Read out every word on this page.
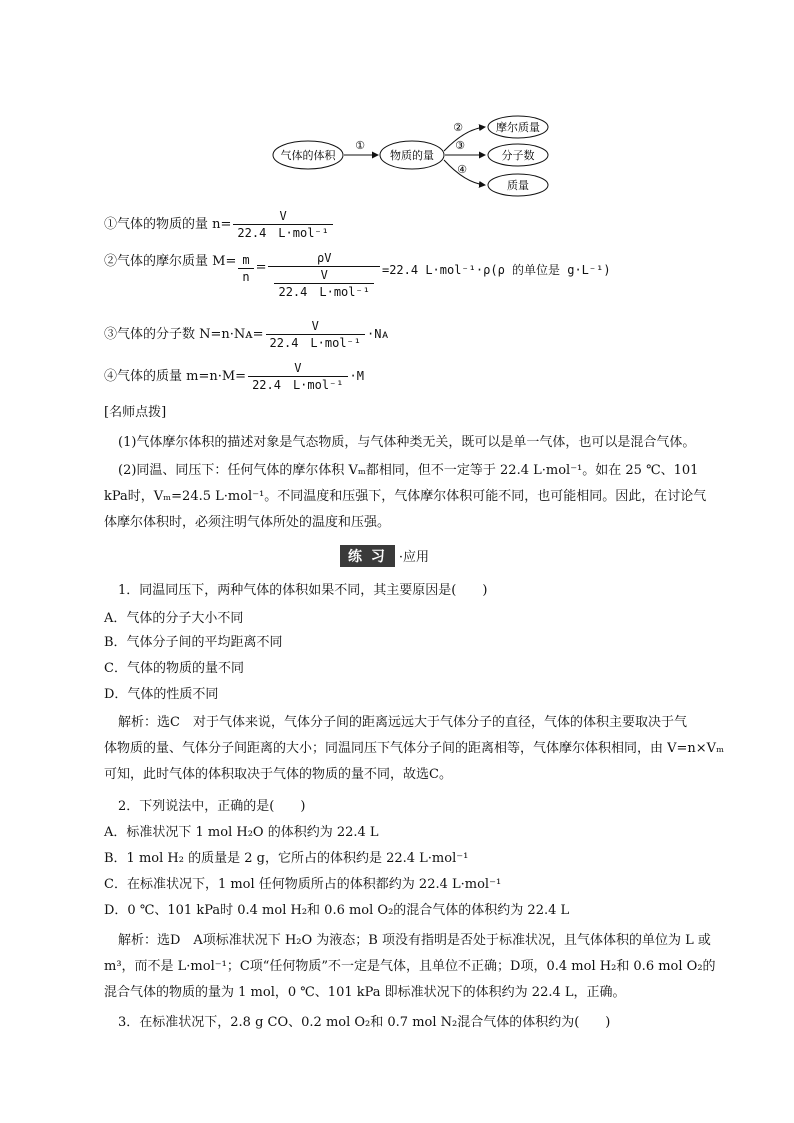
气体的体积
①
物质的量
②
③
④
摩尔质量
分子数
质量
①气体的物质的量 $n= \frac{V}{\text{22.4　L·mol⁻¹}}$
②气体的摩尔质量 $M= \frac{m}{n} = \frac{\rho V}{\frac{V}{\text{22.4　L·mol⁻¹}}} =22.4$ L·mol⁻¹·ρ(ρ 的单位是 g·L⁻¹)
③气体的分子数 N=n·Nᴀ= $\frac{V}{\text{22.4　L·mol⁻¹}}$ ·Nᴀ
④气体的质量 $m=n\cdot M= \frac{V}{\text{22.4　L·mol⁻¹}} \cdot M$
[名师点拨]
(1)气体摩尔体积的描述对象是气态物质，与气体种类无关，既可以是单一气体，也可以是混合气体。
(2)同温、同压下：任何气体的摩尔体积 Vₘ都相同，但不一定等于 22.4 L·mol⁻¹。如在 25 ℃、101
kPa时，Vₘ=24.5 L·mol⁻¹。不同温度和压强下，气体摩尔体积可能不同，也可能相同。因此，在讨论气
体摩尔体积时，必须注明气体所处的温度和压强。
练 习 ·应用
1．同温同压下，两种气体的体积如果不同，其主要原因是(　　)
A．气体的分子大小不同
B．气体分子间的平均距离不同
C．气体的物质的量不同
D．气体的性质不同
解析：选C　对于气体来说，气体分子间的距离远远大于气体分子的直径，气体的体积主要取决于气
体物质的量、气体分子间距离的大小；同温同压下气体分子间的距离相等，气体摩尔体积相同，由 V=n×Vₘ
可知，此时气体的体积取决于气体的物质的量不同，故选C。
2．下列说法中，正确的是(　　)
A．标准状况下 1 mol H₂O 的体积约为 22.4 L
B．1 mol H₂ 的质量是 2 g，它所占的体积约是 22.4 L·mol⁻¹
C．在标准状况下，1 mol 任何物质所占的体积都约为 22.4 L·mol⁻¹
D．0 ℃、101 kPa时 0.4 mol H₂和 0.6 mol O₂的混合气体的体积约为 22.4 L
解析：选D　A项标准状况下 H₂O 为液态；B 项没有指明是否处于标准状况，且气体体积的单位为 L 或
m³，而不是 L·mol⁻¹；C项“任何物质”不一定是气体，且单位不正确；D项，0.4 mol H₂和 0.6 mol O₂的
混合气体的物质的量为 1 mol，0 ℃、101 kPa 即标准状况下的体积约为 22.4 L，正确。
3．在标准状况下，2.8 g CO、0.2 mol O₂和 0.7 mol N₂混合气体的体积约为(　　)
